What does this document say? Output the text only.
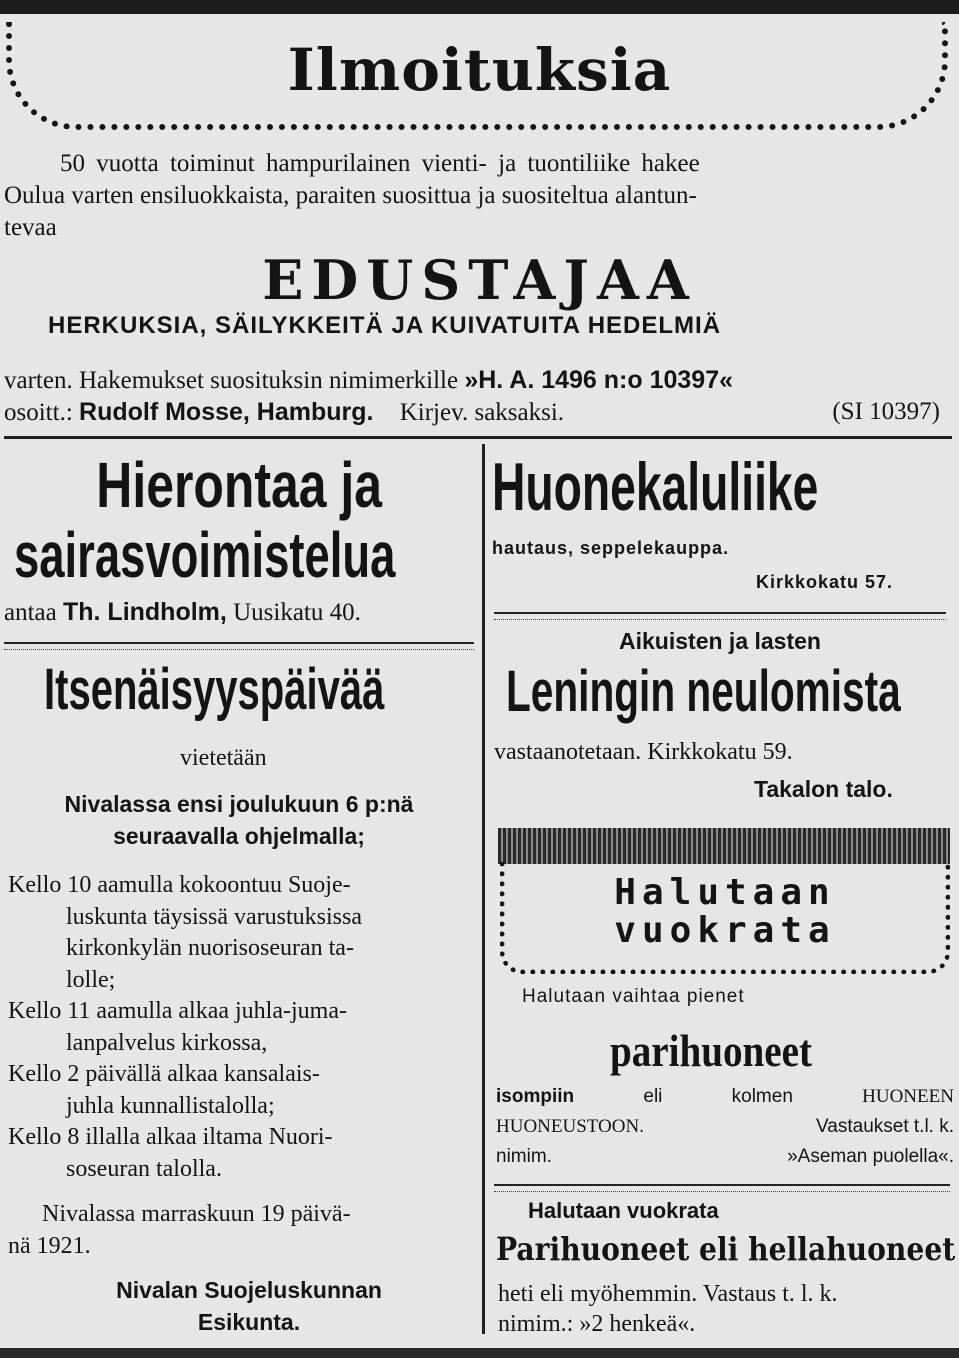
Ilmoituksia
50 vuotta toiminut hampurilainen vienti- ja tuontiliike hakee
Oulua varten ensiluokkaista, paraiten suosittua ja suositeltua alantun-
tevaa
EDUSTAJAA
HERKUKSIA, SÄILYKKEITÄ JA KUIVATUITA HEDELMIÄ
varten. Hakemukset suosituksin nimimerkille »H. A. 1496 n:o 10397«
osoitt.: Rudolf Mosse, Hamburg. Kirjev. saksaksi.	(SI 10397)
Hierontaa ja
sairasvoimistelua
antaa Th. Lindholm, Uusikatu 40.
Itsenäisyyspäivää
vietetään
Nivalassa ensi joulukuun 6 p:nä
seuraavalla ohjelmalla;
Kello 10 aamulla kokoontuu Suoje-
luskunta täysissä varustuksissa
kirkonkylän nuorisoseuran ta-
lolle;
Kello 11 aamulla alkaa juhla-juma-
lanpalvelus kirkossa,
Kello 2 päivällä alkaa kansalais-
juhla kunnallistalolla;
Kello 8 illalla alkaa iltama Nuori-
soseuran talolla.
Nivalassa marraskuun 19 päivä-
nä 1921.
Nivalan Suojeluskunnan
Esikunta.
Huonekaluliike
hautaus, seppelekauppa.
Kirkkokatu 57.
Aikuisten ja lasten
Leningin neulomista
vastaanotetaan. Kirkkokatu 59.
Takalon talo.
Halutaan
vuokrata
Halutaan vaihtaa pienet
parihuoneet
isompiin	eli	kolmen	HUONEEN
HUONEUSTOON.	Vastaukset t.l. k.
nimim.	»Aseman puolella«.
Halutaan vuokrata
Parihuoneet eli hellahuoneet
heti eli myöhemmin. Vastaus t. l. k.
nimim.: »2 henkeä«.
